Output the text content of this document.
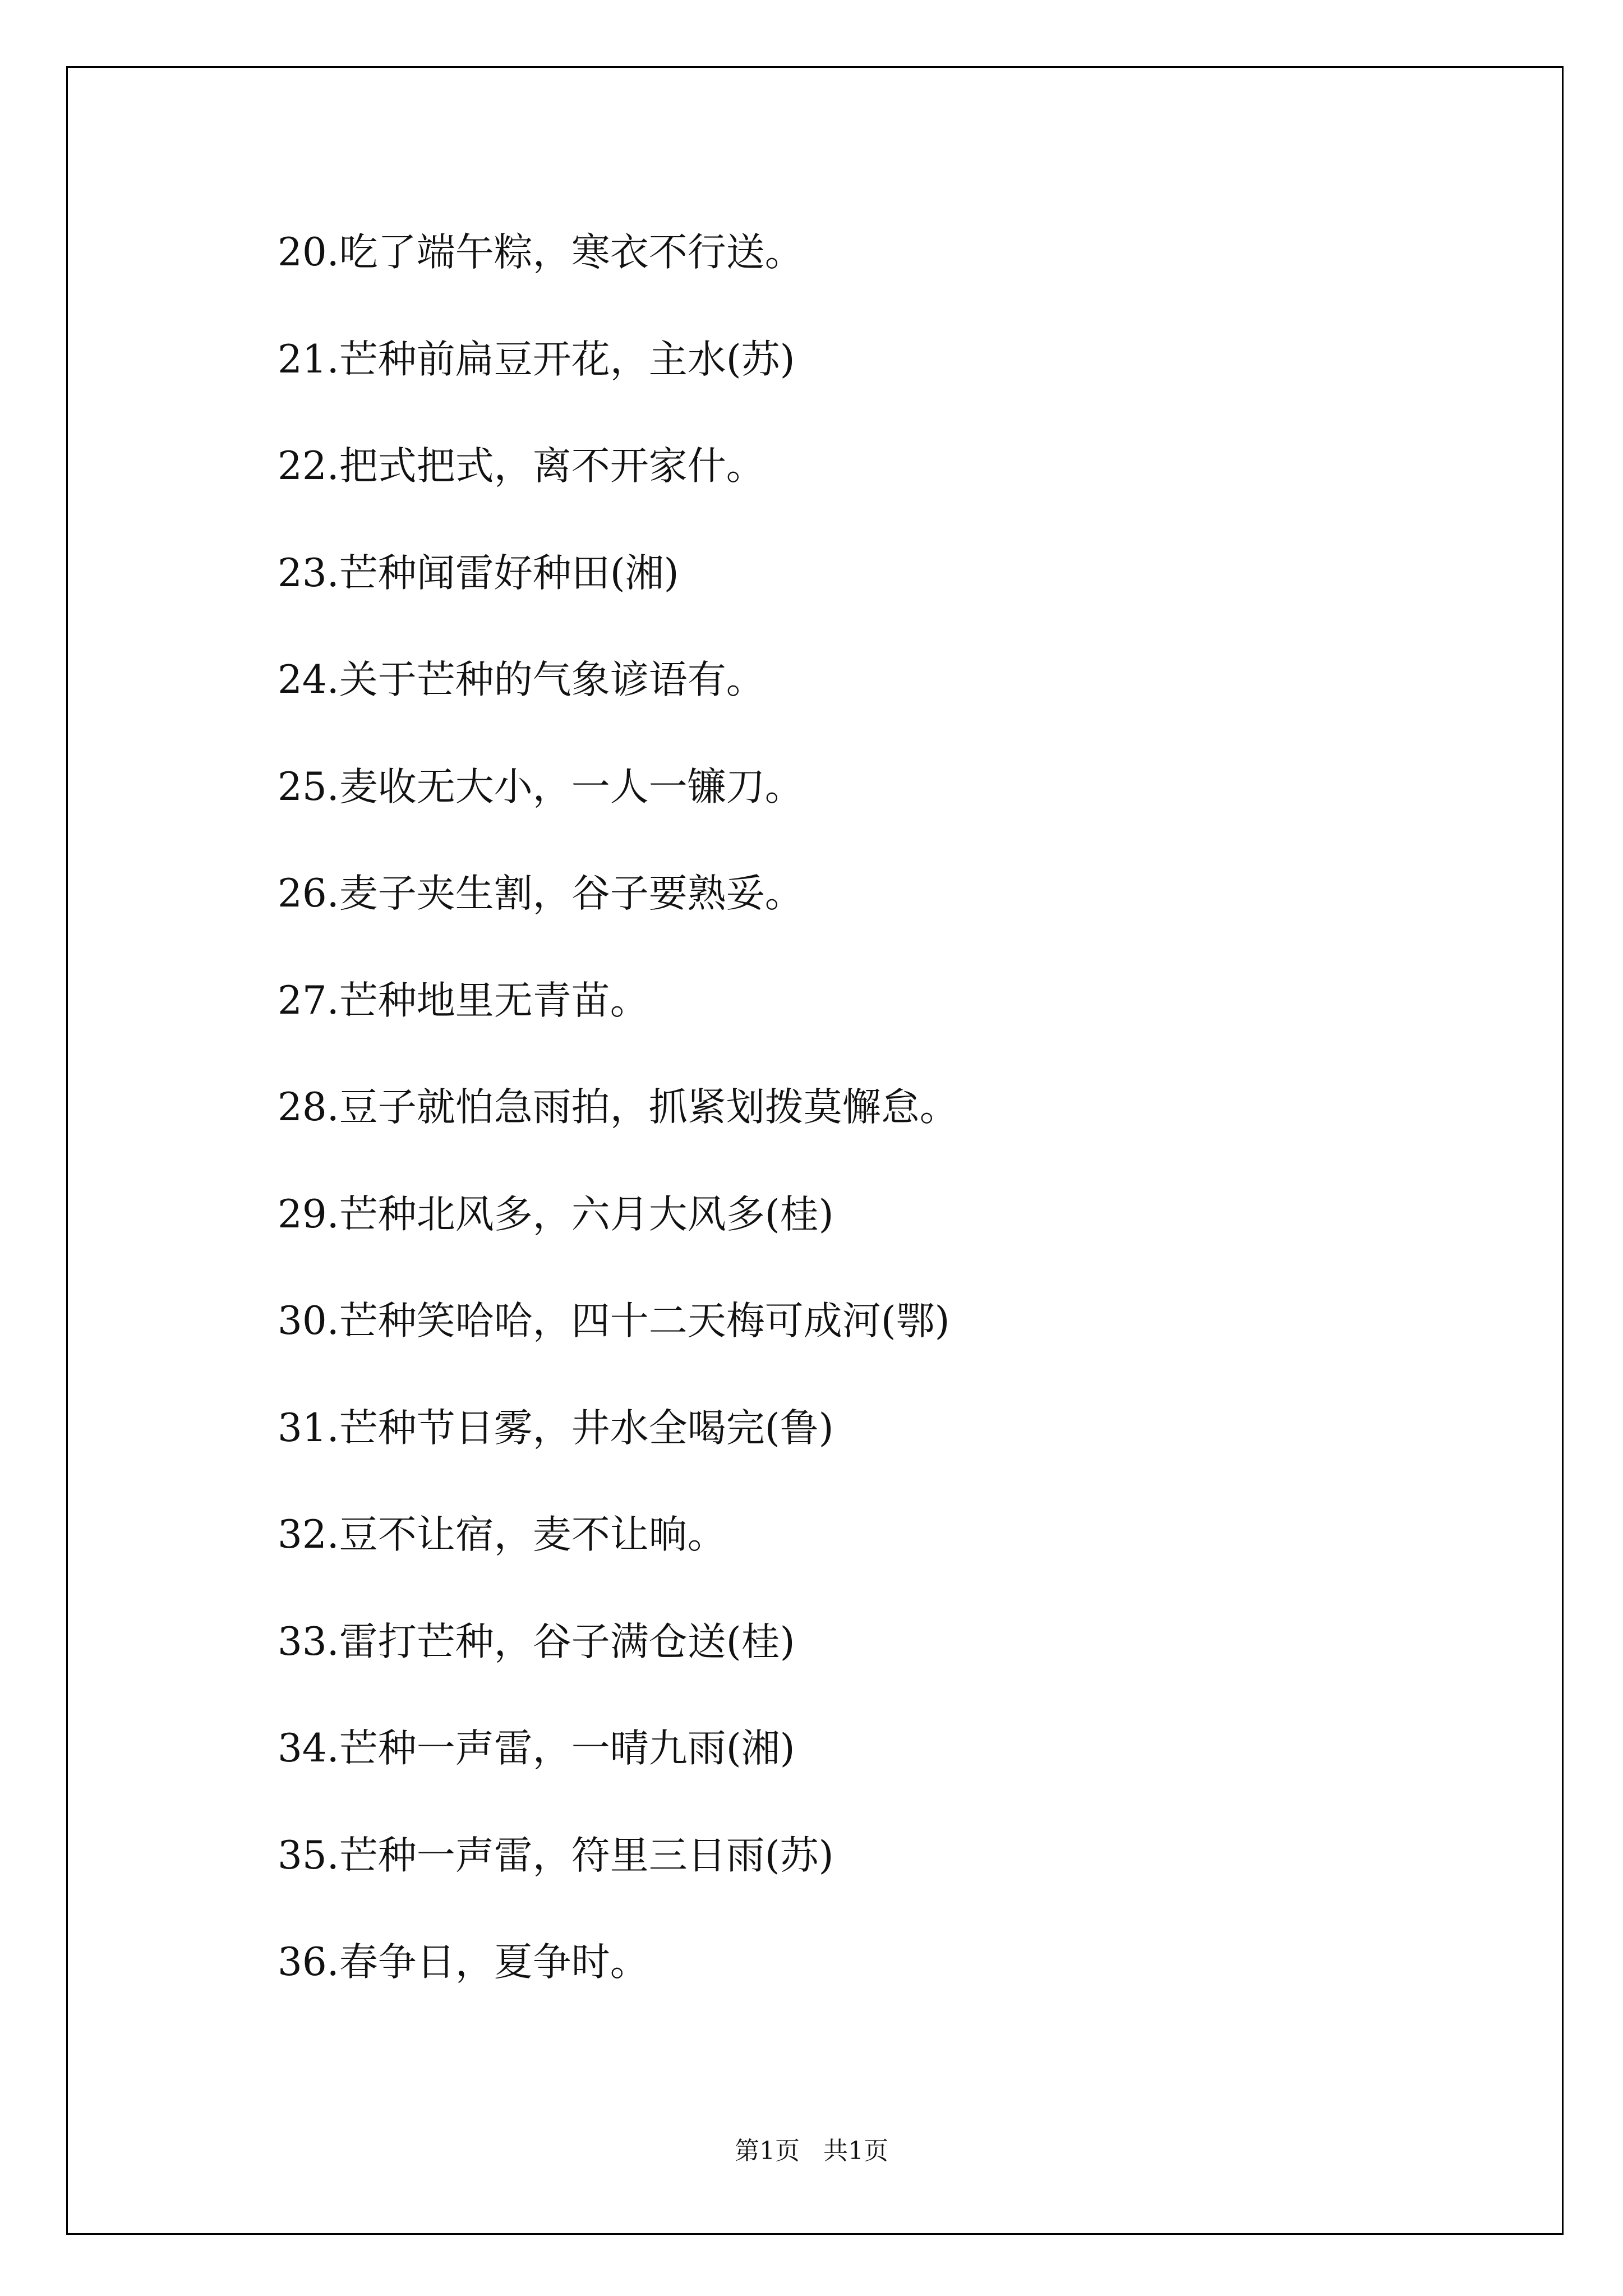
20.吃了端午粽，寒衣不行送。
21.芒种前扁豆开花，主水(苏)
22.把式把式，离不开家什。
23.芒种闻雷好种田(湘)
24.关于芒种的气象谚语有。
25.麦收无大小，一人一镰刀。
26.麦子夹生割，谷子要熟妥。
27.芒种地里无青苗。
28.豆子就怕急雨拍，抓紧划拨莫懈怠。
29.芒种北风多，六月大风多(桂)
30.芒种笑哈哈，四十二天梅可成河(鄂)
31.芒种节日雾，井水全喝完(鲁)
32.豆不让宿，麦不让晌。
33.雷打芒种，谷子满仓送(桂)
34.芒种一声雷，一晴九雨(湘)
35.芒种一声雷，符里三日雨(苏)
36.春争日，夏争时。
第1页   共1页
